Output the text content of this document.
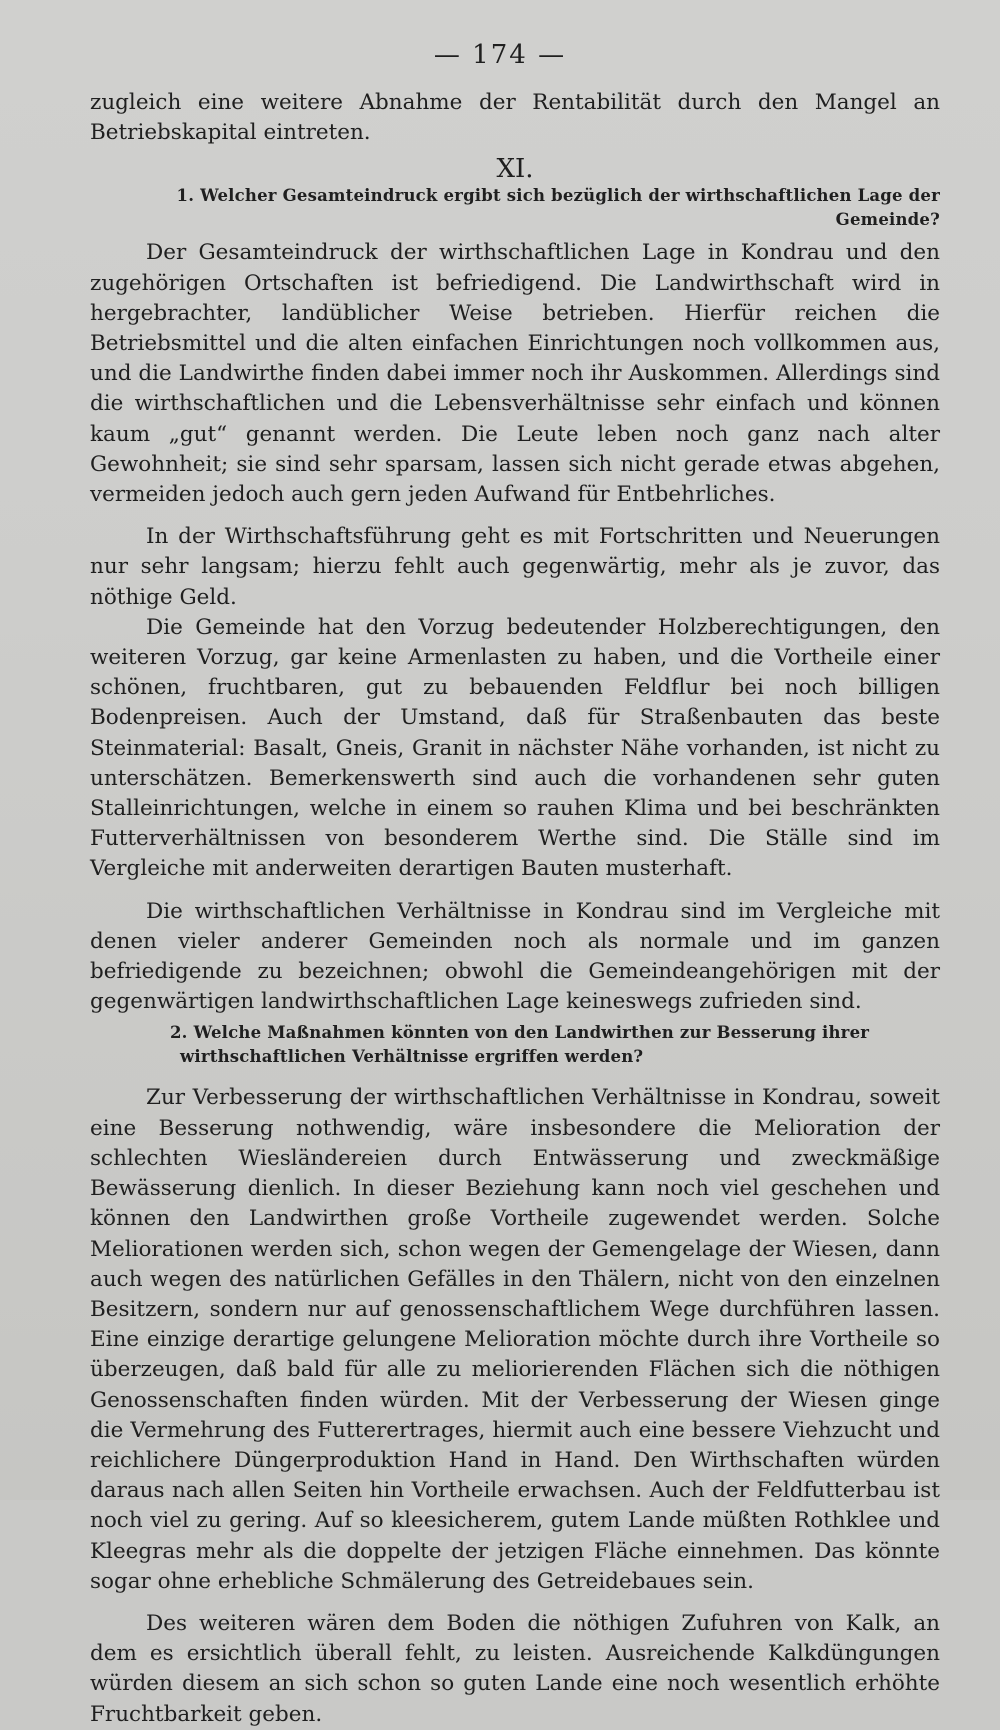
— 174 —

zugleich eine weitere Abnahme der Rentabilität durch den Mangel an Betriebskapital eintreten.

XI.
1. Welcher Gesamteindruck ergibt sich bezüglich der wirthschaftlichen Lage der Gemeinde?

Der Gesamteindruck der wirthschaftlichen Lage in Kondrau und den zugehörigen Ortschaften ist befriedigend. Die Landwirthschaft wird in hergebrachter, landüblicher Weise betrieben. Hierfür reichen die Betriebsmittel und die alten einfachen Einrichtungen noch vollkommen aus, und die Landwirthe finden dabei immer noch ihr Auskommen. Allerdings sind die wirthschaftlichen und die Lebensverhältnisse sehr einfach und können kaum „gut“ genannt werden. Die Leute leben noch ganz nach alter Gewohnheit; sie sind sehr sparsam, lassen sich nicht gerade etwas abgehen, vermeiden jedoch auch gern jeden Aufwand für Entbehrliches.

In der Wirthschaftsführung geht es mit Fortschritten und Neuerungen nur sehr langsam; hierzu fehlt auch gegenwärtig, mehr als je zuvor, das nöthige Geld.

Die Gemeinde hat den Vorzug bedeutender Holzberechtigungen, den weiteren Vorzug, gar keine Armenlasten zu haben, und die Vortheile einer schönen, fruchtbaren, gut zu bebauenden Feldflur bei noch billigen Bodenpreisen. Auch der Umstand, daß für Straßenbauten das beste Steinmaterial: Basalt, Gneis, Granit in nächster Nähe vorhanden, ist nicht zu unterschätzen. Bemerkenswerth sind auch die vorhandenen sehr guten Stalleinrichtungen, welche in einem so rauhen Klima und bei beschränkten Futterverhältnissen von besonderem Werthe sind. Die Ställe sind im Vergleiche mit anderweiten derartigen Bauten musterhaft.

Die wirthschaftlichen Verhältnisse in Kondrau sind im Vergleiche mit denen vieler anderer Gemeinden noch als normale und im ganzen befriedigende zu bezeichnen; obwohl die Gemeindeangehörigen mit der gegenwärtigen landwirthschaftlichen Lage keineswegs zufrieden sind.

2. Welche Maßnahmen könnten von den Landwirthen zur Besserung ihrer wirthschaftlichen Verhältnisse ergriffen werden?

Zur Verbesserung der wirthschaftlichen Verhältnisse in Kondrau, soweit eine Besserung nothwendig, wäre insbesondere die Melioration der schlechten Wiesländereien durch Entwässerung und zweckmäßige Bewässerung dienlich. In dieser Beziehung kann noch viel geschehen und können den Landwirthen große Vortheile zugewendet werden. Solche Meliorationen werden sich, schon wegen der Gemengelage der Wiesen, dann auch wegen des natürlichen Gefälles in den Thälern, nicht von den einzelnen Besitzern, sondern nur auf genossenschaftlichem Wege durchführen lassen. Eine einzige derartige gelungene Melioration möchte durch ihre Vortheile so überzeugen, daß bald für alle zu meliorierenden Flächen sich die nöthigen Genossenschaften finden würden. Mit der Verbesserung der Wiesen ginge die Vermehrung des Futterertrages, hiermit auch eine bessere Viehzucht und reichlichere Düngerproduktion Hand in Hand. Den Wirthschaften würden daraus nach allen Seiten hin Vortheile erwachsen. Auch der Feldfutterbau ist noch viel zu gering. Auf so kleesicherem, gutem Lande müßten Rothklee und Kleegras mehr als die doppelte der jetzigen Fläche einnehmen. Das könnte sogar ohne erhebliche Schmälerung des Getreidebaues sein.

Des weiteren wären dem Boden die nöthigen Zufuhren von Kalk, an dem es ersichtlich überall fehlt, zu leisten. Ausreichende Kalkdüngungen würden diesem an sich schon so guten Lande eine noch wesentlich erhöhte Fruchtbarkeit geben.
